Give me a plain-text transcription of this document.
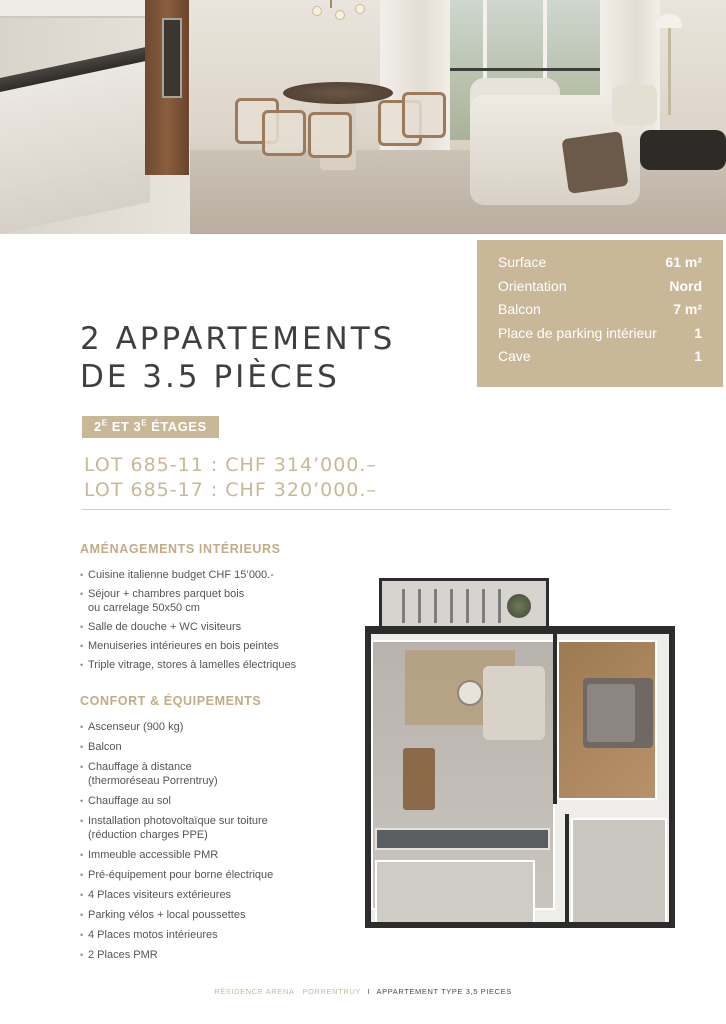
Surface	61 m²
Orientation	Nord
Balcon	7 m²
Place de parking intérieur	1
Cave	1
2 APPARTEMENTS
DE 3.5 PIÈCES
$2^E$ ET $3^E$ ÉTAGES
LOT 685-11 : CHF 314’000.–
LOT 685-17 : CHF 320’000.–
AMÉNAGEMENTS INTÉRIEURS
• Cuisine italienne budget CHF 15’000.-
• Séjour + chambres parquet bois
ou carrelage 50x50 cm
• Salle de douche + WC visiteurs
• Menuiseries intérieures en bois peintes
• Triple vitrage, stores à lamelles électriques
CONFORT & ÉQUIPEMENTS
• Ascenseur (900 kg)
• Balcon
• Chauffage à distance
(thermoréseau Porrentruy)
• Chauffage au sol
• Installation photovoltaïque sur toiture
(réduction charges PPE)
• Immeuble accessible PMR
• Pré-équipement pour borne électrique
• 4 Places visiteurs extérieures
• Parking vélos + local poussettes
• 4 Places motos intérieures
• 2 Places PMR
RÉSIDENCE ARENA · PORRENTRUY I APPARTEMENT TYPE 3,5 PIECES
